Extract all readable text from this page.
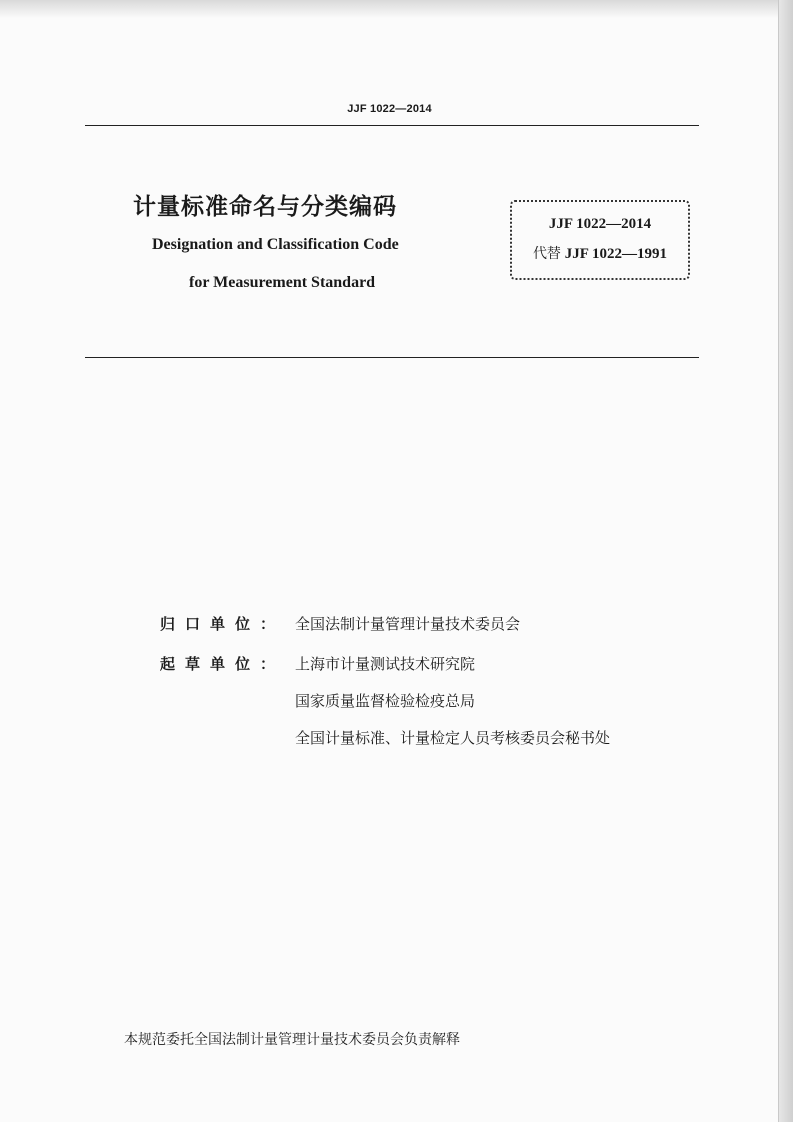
JJF 1022—2014
计量标准命名与分类编码
Designation and Classification Code
for Measurement Standard
JJF 1022—2014
代替 JJF 1022—1991
归口单位： 全国法制计量管理计量技术委员会
起草单位： 上海市计量测试技术研究院
国家质量监督检验检疫总局
全国计量标准、计量检定人员考核委员会秘书处
本规范委托全国法制计量管理计量技术委员会负责解释
